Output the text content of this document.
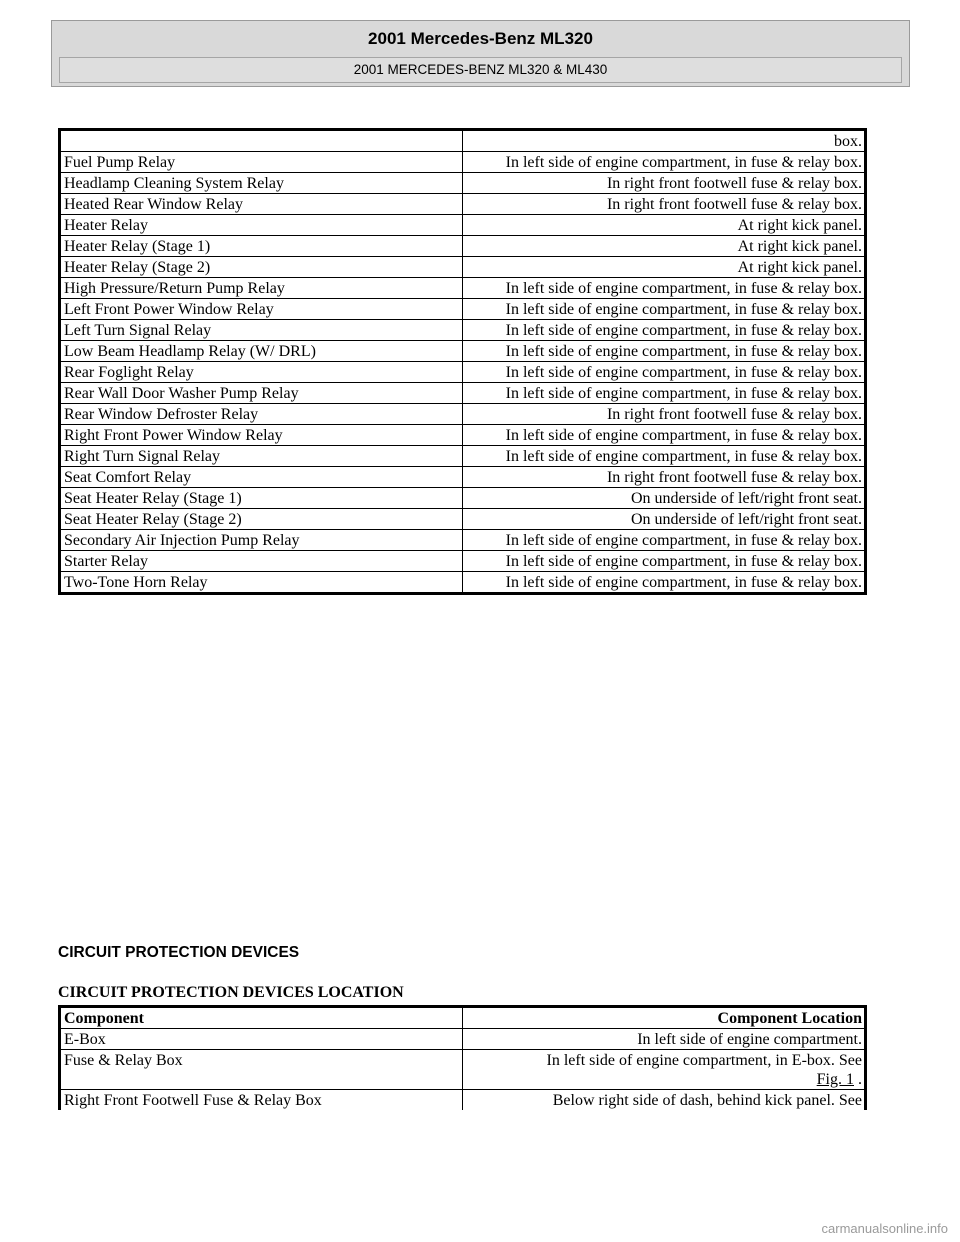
2001 Mercedes-Benz ML320
2001 MERCEDES-BENZ ML320 & ML430
	box.
Fuel Pump Relay	In left side of engine compartment, in fuse & relay box.
Headlamp Cleaning System Relay	In right front footwell fuse & relay box.
Heated Rear Window Relay	In right front footwell fuse & relay box.
Heater Relay	At right kick panel.
Heater Relay (Stage 1)	At right kick panel.
Heater Relay (Stage 2)	At right kick panel.
High Pressure/Return Pump Relay	In left side of engine compartment, in fuse & relay box.
Left Front Power Window Relay	In left side of engine compartment, in fuse & relay box.
Left Turn Signal Relay	In left side of engine compartment, in fuse & relay box.
Low Beam Headlamp Relay (W/ DRL)	In left side of engine compartment, in fuse & relay box.
Rear Foglight Relay	In left side of engine compartment, in fuse & relay box.
Rear Wall Door Washer Pump Relay	In left side of engine compartment, in fuse & relay box.
Rear Window Defroster Relay	In right front footwell fuse & relay box.
Right Front Power Window Relay	In left side of engine compartment, in fuse & relay box.
Right Turn Signal Relay	In left side of engine compartment, in fuse & relay box.
Seat Comfort Relay	In right front footwell fuse & relay box.
Seat Heater Relay (Stage 1)	On underside of left/right front seat.
Seat Heater Relay (Stage 2)	On underside of left/right front seat.
Secondary Air Injection Pump Relay	In left side of engine compartment, in fuse & relay box.
Starter Relay	In left side of engine compartment, in fuse & relay box.
Two-Tone Horn Relay	In left side of engine compartment, in fuse & relay box.
CIRCUIT PROTECTION DEVICES
CIRCUIT PROTECTION DEVICES LOCATION
Component	Component Location
E-Box	In left side of engine compartment.
Fuse & Relay Box	In left side of engine compartment, in E-box. See
Fig. 1 .
Right Front Footwell Fuse & Relay Box	Below right side of dash, behind kick panel. See
carmanualsonline.info
